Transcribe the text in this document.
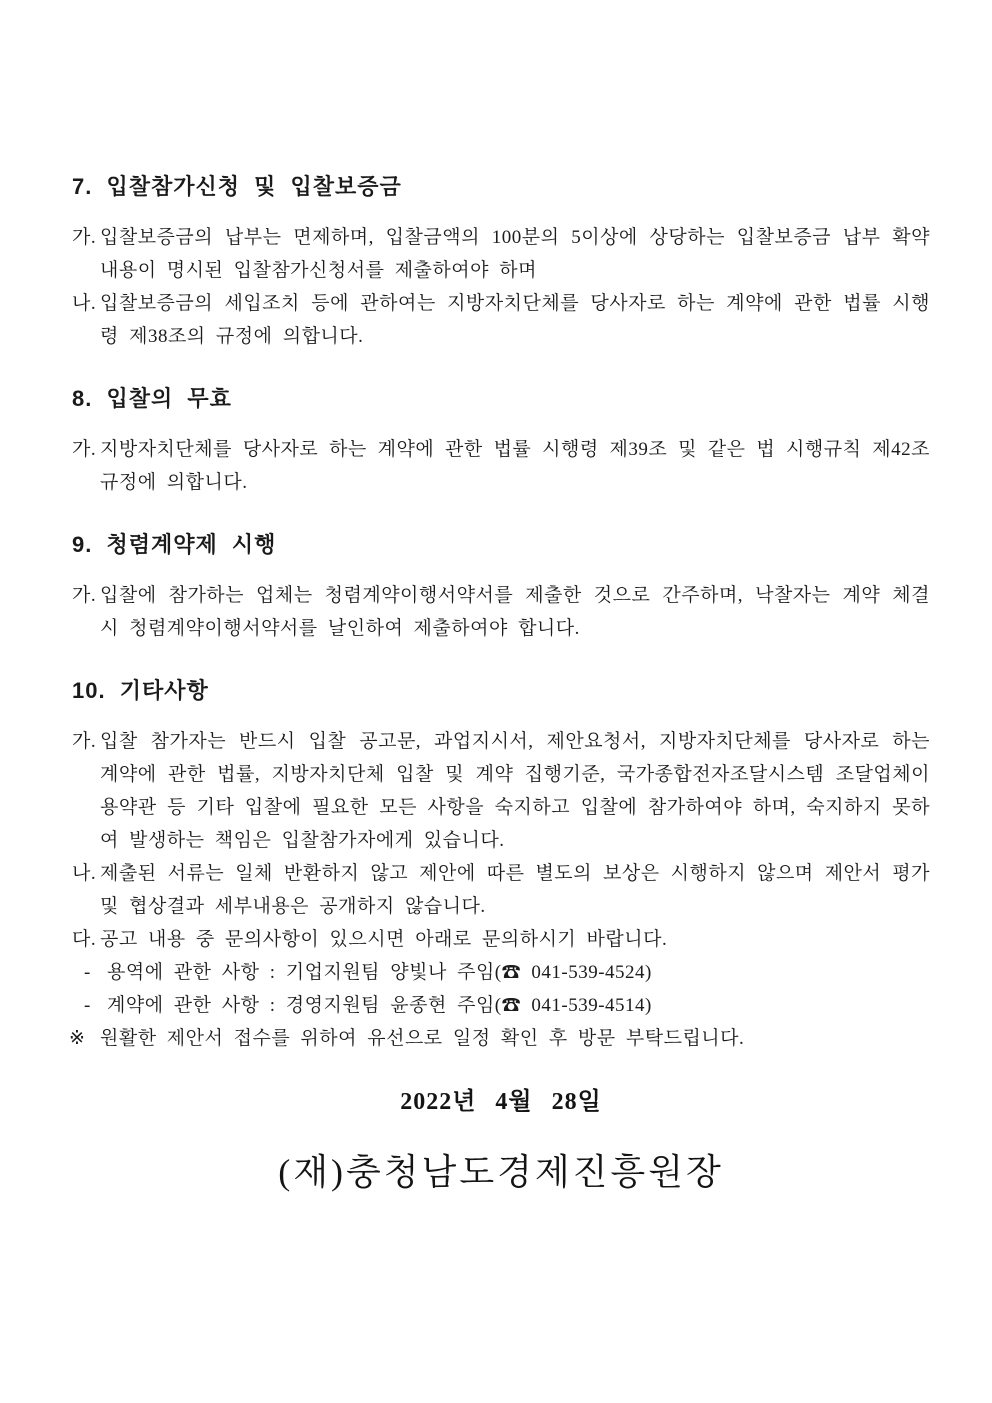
7. 입찰참가신청 및 입찰보증금
가. 입찰보증금의 납부는 면제하며, 입찰금액의 100분의 5이상에 상당하는 입찰보증금 납부 확약내용이 명시된 입찰참가신청서를 제출하여야 하며
나. 입찰보증금의 세입조치 등에 관하여는 지방자치단체를 당사자로 하는 계약에 관한 법률 시행령 제38조의 규정에 의합니다.
8. 입찰의 무효
가. 지방자치단체를 당사자로 하는 계약에 관한 법률 시행령 제39조 및 같은 법 시행규칙 제42조 규정에 의합니다.
9. 청렴계약제 시행
가. 입찰에 참가하는 업체는 청렴계약이행서약서를 제출한 것으로 간주하며, 낙찰자는 계약 체결시 청렴계약이행서약서를 날인하여 제출하여야 합니다.
10. 기타사항
가. 입찰 참가자는 반드시 입찰 공고문, 과업지시서, 제안요청서, 지방자치단체를 당사자로 하는 계약에 관한 법률, 지방자치단체 입찰 및 계약 집행기준, 국가종합전자조달시스템 조달업체이용약관 등 기타 입찰에 필요한 모든 사항을 숙지하고 입찰에 참가하여야 하며, 숙지하지 못하여 발생하는 책임은 입찰참가자에게 있습니다.
나. 제출된 서류는 일체 반환하지 않고 제안에 따른 별도의 보상은 시행하지 않으며 제안서 평가 및 협상결과 세부내용은 공개하지 않습니다.
다. 공고 내용 중 문의사항이 있으시면 아래로 문의하시기 바랍니다.
- 용역에 관한 사항 : 기업지원팀 양빛나 주임(☎ 041-539-4524)
- 계약에 관한 사항 : 경영지원팀 윤종현 주임(☎ 041-539-4514)
※ 원활한 제안서 접수를 위하여 유선으로 일정 확인 후 방문 부탁드립니다.
2022년 4월 28일
(재)충청남도경제진흥원장
